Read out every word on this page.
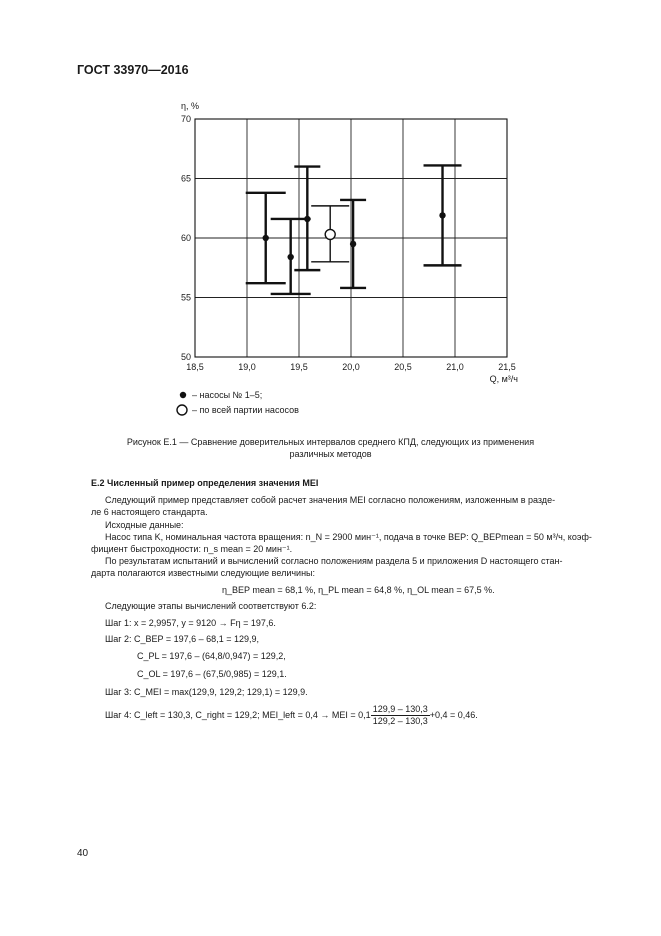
ГОСТ 33970—2016
18,5	19,0	19,5	20,0	20,5	21,0	21,5
50
55
60
65
70
η, %
Q, м³/ч
– насосы № 1–5;
– по всей партии насосов
Рисунок Е.1 — Сравнение доверительных интервалов среднего КПД, следующих из применения
различных методов
Е.2 Численный пример определения значения MEI
Следующий пример представляет собой расчет значения MEI согласно положениям, изложенным в разде-
ле 6 настоящего стандарта.
Исходные данные:
Насос типа K, номинальная частота вращения: n_N = 2900 мин⁻¹, подача в точке BEP: Q_BEPmean = 50 м³/ч, коэф-
фициент быстроходности: n_s mean = 20 мин⁻¹.
По результатам испытаний и вычислений согласно положениям раздела 5 и приложения D настоящего стан-
дарта полагаются известными следующие величины:
η_BEP mean = 68,1 %, η_PL mean = 64,8 %, η_OL mean = 67,5 %.
Следующие этапы вычислений соответствуют 6.2:
Шаг 1: x = 2,9957, y = 9120 → Fη = 197,6.
Шаг 2: C_BEP = 197,6 – 68,1 = 129,9,
C_PL = 197,6 – (64,8/0,947) = 129,2,
C_OL = 197,6 – (67,5/0,985) = 129,1.
Шаг 3: C_MEI = max(129,9, 129,2; 129,1) = 129,9.
Шаг 4: C_left = 130,3, C_right = 129,2; MEI_left = 0,4 → MEI = $0,1 \frac{129,9 - 130,3}{129,2 - 130,3} +0,4 = 0,46$.
40
